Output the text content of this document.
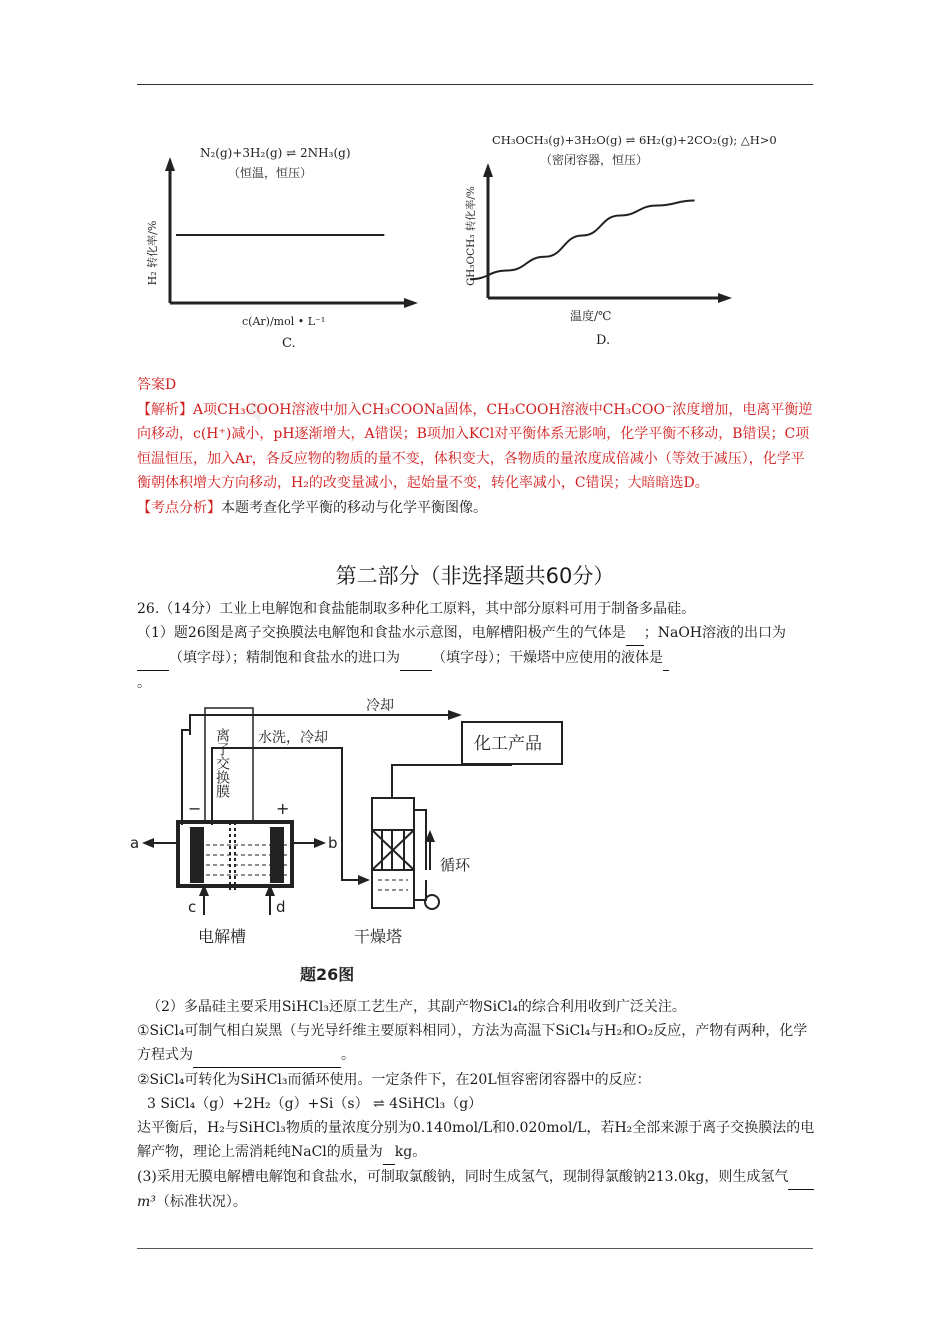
✦
N₂(g)+3H₂(g) ⇌ 2NH₃(g)
（恒温，恒压）
H₂ 转化率/%
c(Ar)/mol • L⁻¹
C.
CH₃OCH₃(g)+3H₂O(g) ⇌ 6H₂(g)+2CO₂(g); △H>0
（密闭容器，恒压）
CH₃OCH₃ 转化率/%
温度/℃
D.

答案D

【解析】A项CH₃COOH溶液中加入CH₃COONa固体，CH₃COOH溶液中CH₃COO⁻浓度增加，电离平衡逆向移动，c(H⁺)减小，pH逐渐增大，A错误；B项加入KCl对平衡体系无影响，化学平衡不移动，B错误；C项恒温恒压，加入Ar，各反应物的物质的量不变，体积变大，各物质的量浓度成倍减小（等效于减压），化学平衡朝体积增大方向移动，H₂的改变量减小，起始量不变，转化率减小，C错误；大暗暗选D。

【考点分析】本题考查化学平衡的移动与化学平衡图像。

第二部分（非选择题共60分）

26.（14分）工业上电解饱和食盐能制取多种化工原料，其中部分原料可用于制备多晶硅。

（1）题26图是离子交换膜法电解饱和食盐水示意图，电解槽阳极产生的气体是 ；NaOH溶液的出口为 （填字母）；精制饱和食盐水的进口为 （填字母）；干燥塔中应使用的液体是
。

冷却
化工产品
水洗，冷却
离子交换膜
−	+
a	b
c	d
循环
电解槽	干燥塔
题26图

（2）多晶硅主要采用SiHCl₃还原工艺生产，其副产物SiCl₄的综合利用收到广泛关注。

①SiCl₄可制气相白炭黑（与光导纤维主要原料相同），方法为高温下SiCl₄与H₂和O₂反应，产物有两种，化学方程式为	。

②SiCl₄可转化为SiHCl₃而循环使用。一定条件下，在20L恒容密闭容器中的反应：

3 SiCl₄（g）+2H₂（g）+Si（s） ⇌ 4SiHCl₃（g）

达平衡后，H₂与SiHCl₃物质的量浓度分别为0.140mol/L和0.020mol/L，若H₂全部来源于离子交换膜法的电解产物，理论上需消耗纯NaCl的质量为 kg。

(3)采用无膜电解槽电解饱和食盐水，可制取氯酸钠，同时生成氢气，现制得氯酸钠213.0kg，则生成氢气 m³（标准状况）。
